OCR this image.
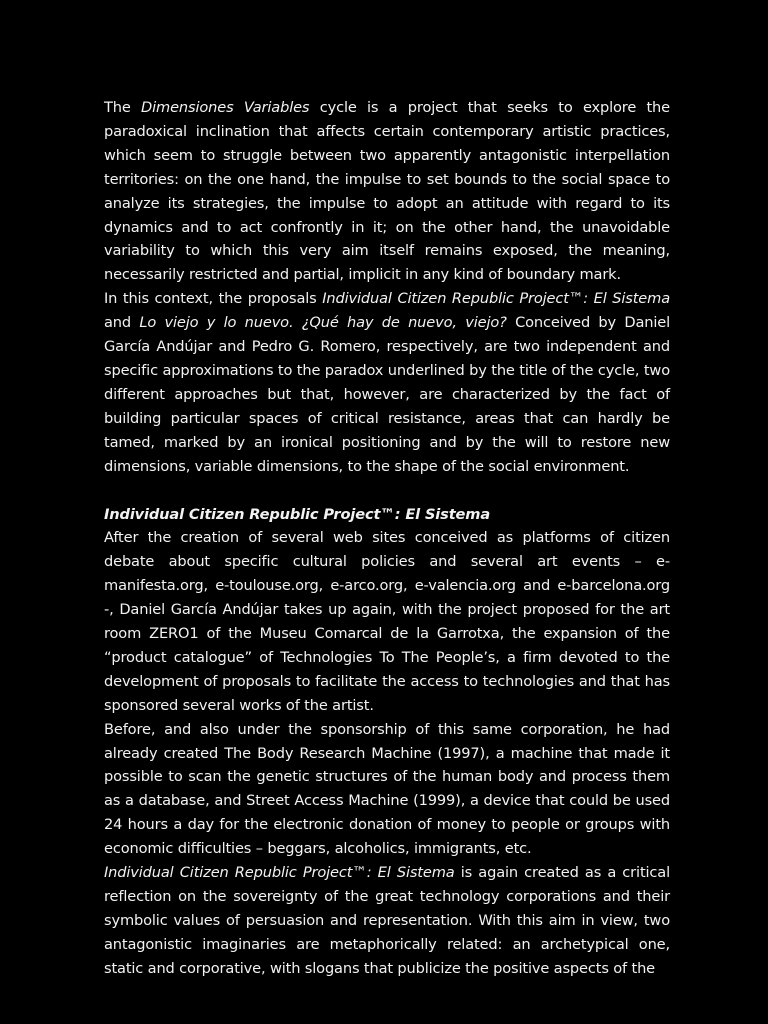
The Dimensiones Variables cycle is a project that seeks to explore the paradoxical inclination that affects certain contemporary artistic practices, which seem to struggle between two apparently antagonistic interpellation territories: on the one hand, the impulse to set bounds to the social space to analyze its strategies, the impulse to adopt an attitude with regard to its dynamics and to act confrontly in it; on the other hand, the unavoidable variability to which this very aim itself remains exposed, the meaning, necessarily restricted and partial, implicit in any kind of boundary mark.

In this context, the proposals Individual Citizen Republic Project™: El Sistema and Lo viejo y lo nuevo. ¿Qué hay de nuevo, viejo? Conceived by Daniel García Andújar and Pedro G. Romero, respectively, are two independent and specific approximations to the paradox underlined by the title of the cycle, two different approaches but that, however, are characterized by the fact of building particular spaces of critical resistance, areas that can hardly be tamed, marked by an ironical positioning and by the will to restore new dimensions, variable dimensions, to the shape of the social environment.

Individual Citizen Republic Project™: El Sistema

After the creation of several web sites conceived as platforms of citizen debate about specific cultural policies and several art events – e-manifesta.org, e-toulouse.org, e-arco.org, e-valencia.org and e-barcelona.org -, Daniel García Andújar takes up again, with the project proposed for the art room ZERO1 of the Museu Comarcal de la Garrotxa, the expansion of the “product catalogue” of Technologies To The People’s, a firm devoted to the development of proposals to facilitate the access to technologies and that has sponsored several works of the artist.

Before, and also under the sponsorship of this same corporation, he had already created The Body Research Machine (1997), a machine that made it possible to scan the genetic structures of the human body and process them as a database, and Street Access Machine (1999), a device that could be used 24 hours a day for the electronic donation of money to people or groups with economic difficulties – beggars, alcoholics, immigrants, etc.

Individual Citizen Republic Project™: El Sistema is again created as a critical reflection on the sovereignty of the great technology corporations and their symbolic values of persuasion and representation. With this aim in view, two antagonistic imaginaries are metaphorically related: an archetypical one, static and corporative, with slogans that publicize the positive aspects of the
